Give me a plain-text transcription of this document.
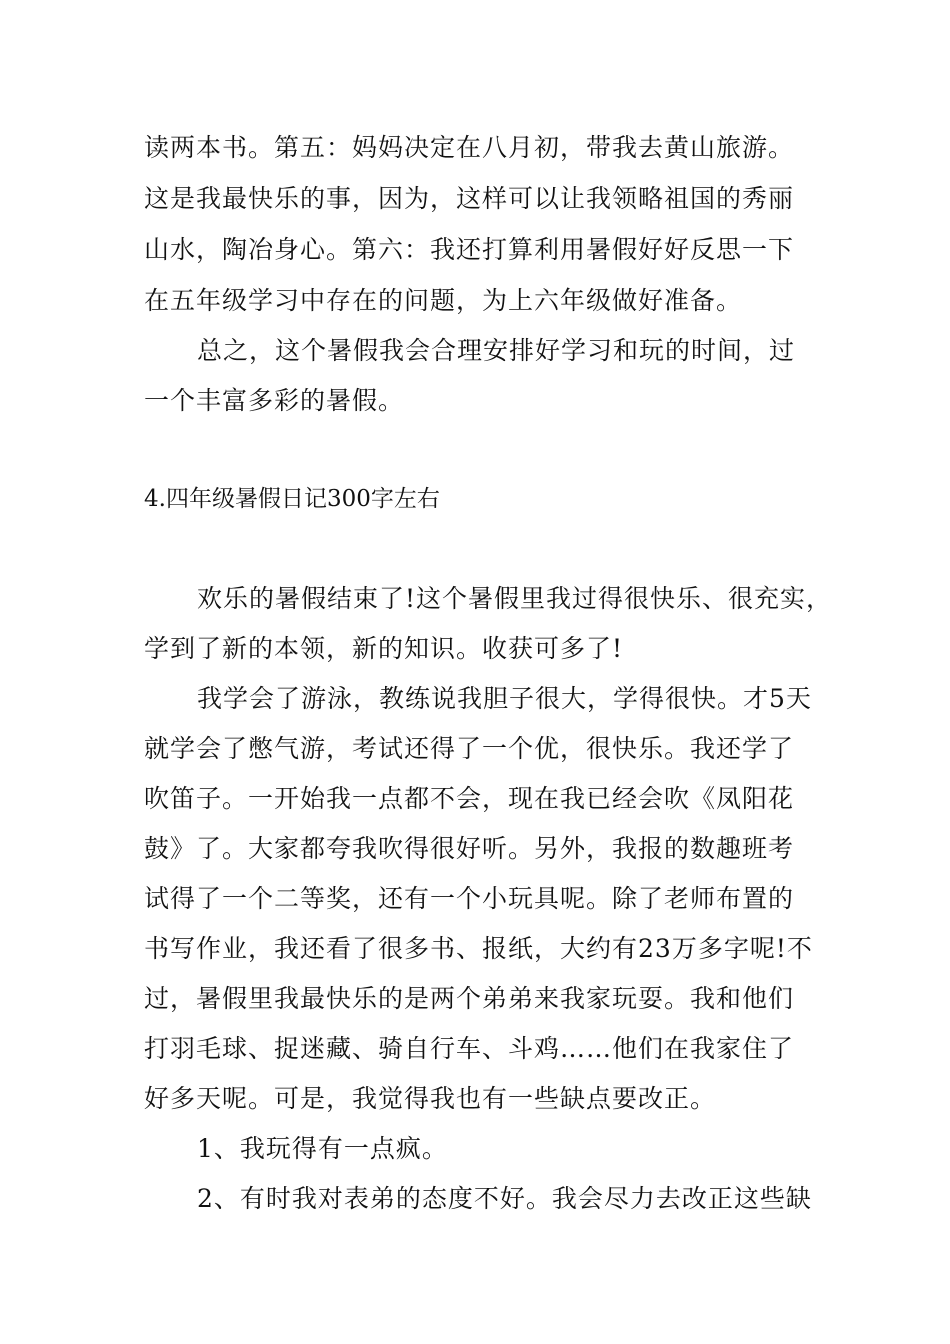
读两本书。第五：妈妈决定在八月初，带我去黄山旅游。
这是我最快乐的事，因为，这样可以让我领略祖国的秀丽
山水，陶冶身心。第六：我还打算利用暑假好好反思一下
在五年级学习中存在的问题，为上六年级做好准备。
总之，这个暑假我会合理安排好学习和玩的时间，过
一个丰富多彩的暑假。
4.四年级暑假日记300字左右
欢乐的暑假结束了!这个暑假里我过得很快乐、很充实，
学到了新的本领，新的知识。收获可多了!
我学会了游泳，教练说我胆子很大，学得很快。才5天
就学会了憋气游，考试还得了一个优，很快乐。我还学了
吹笛子。一开始我一点都不会，现在我已经会吹《凤阳花
鼓》了。大家都夸我吹得很好听。另外，我报的数趣班考
试得了一个二等奖，还有一个小玩具呢。除了老师布置的
书写作业，我还看了很多书、报纸，大约有23万多字呢!不
过，暑假里我最快乐的是两个弟弟来我家玩耍。我和他们
打羽毛球、捉迷藏、骑自行车、斗鸡……他们在我家住了
好多天呢。可是，我觉得我也有一些缺点要改正。
1、我玩得有一点疯。
2、有时我对表弟的态度不好。我会尽力去改正这些缺
